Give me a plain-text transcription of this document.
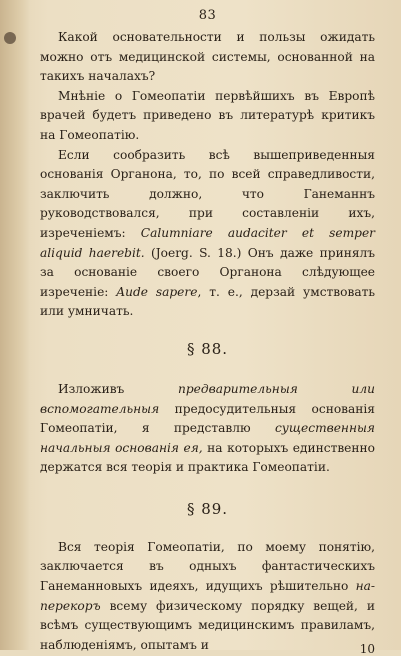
83

Какой основательности и пользы ожидать можно отъ медицинской системы, основанной на такихъ началахъ?

Мнѣніе о Гомеопатіи первѣйшихъ въ Европѣ врачей будетъ приведено въ литературѣ критикъ на Гомеопатію.

Если сообразить всѣ вышеприведенныя основанія Органона, то, по всей справедливости, заключить должно, что Ганеманнъ руководствовался, при составленіи ихъ, изреченіемъ: Calumniare audaciter et semper aliquid haerebit. (Joerg. S. 18.) Онъ даже принялъ за основаніе своего Органона слѣдующее изреченіе: Aude sapere, т. е., дерзай умствовать или умничать.

§ 88.

Изложивъ предварительныя или вспомогательныя предосудительныя основанія Гомеопатіи, я представлю существенныя начальныя основанія ея, на которыхъ единственно держатся вся теорія и практика Гомеопатіи.

§ 89.

Вся теорія Гомеопатіи, по моему понятію, заключается въ одныхъ фантастическихъ Ганеманновыхъ идеяхъ, идущихъ рѣшительно на-перекоръ всему физическому порядку вещей, и всѣмъ существующимъ медицинскимъ правиламъ, наблюденіямъ, опытамъ и	10
